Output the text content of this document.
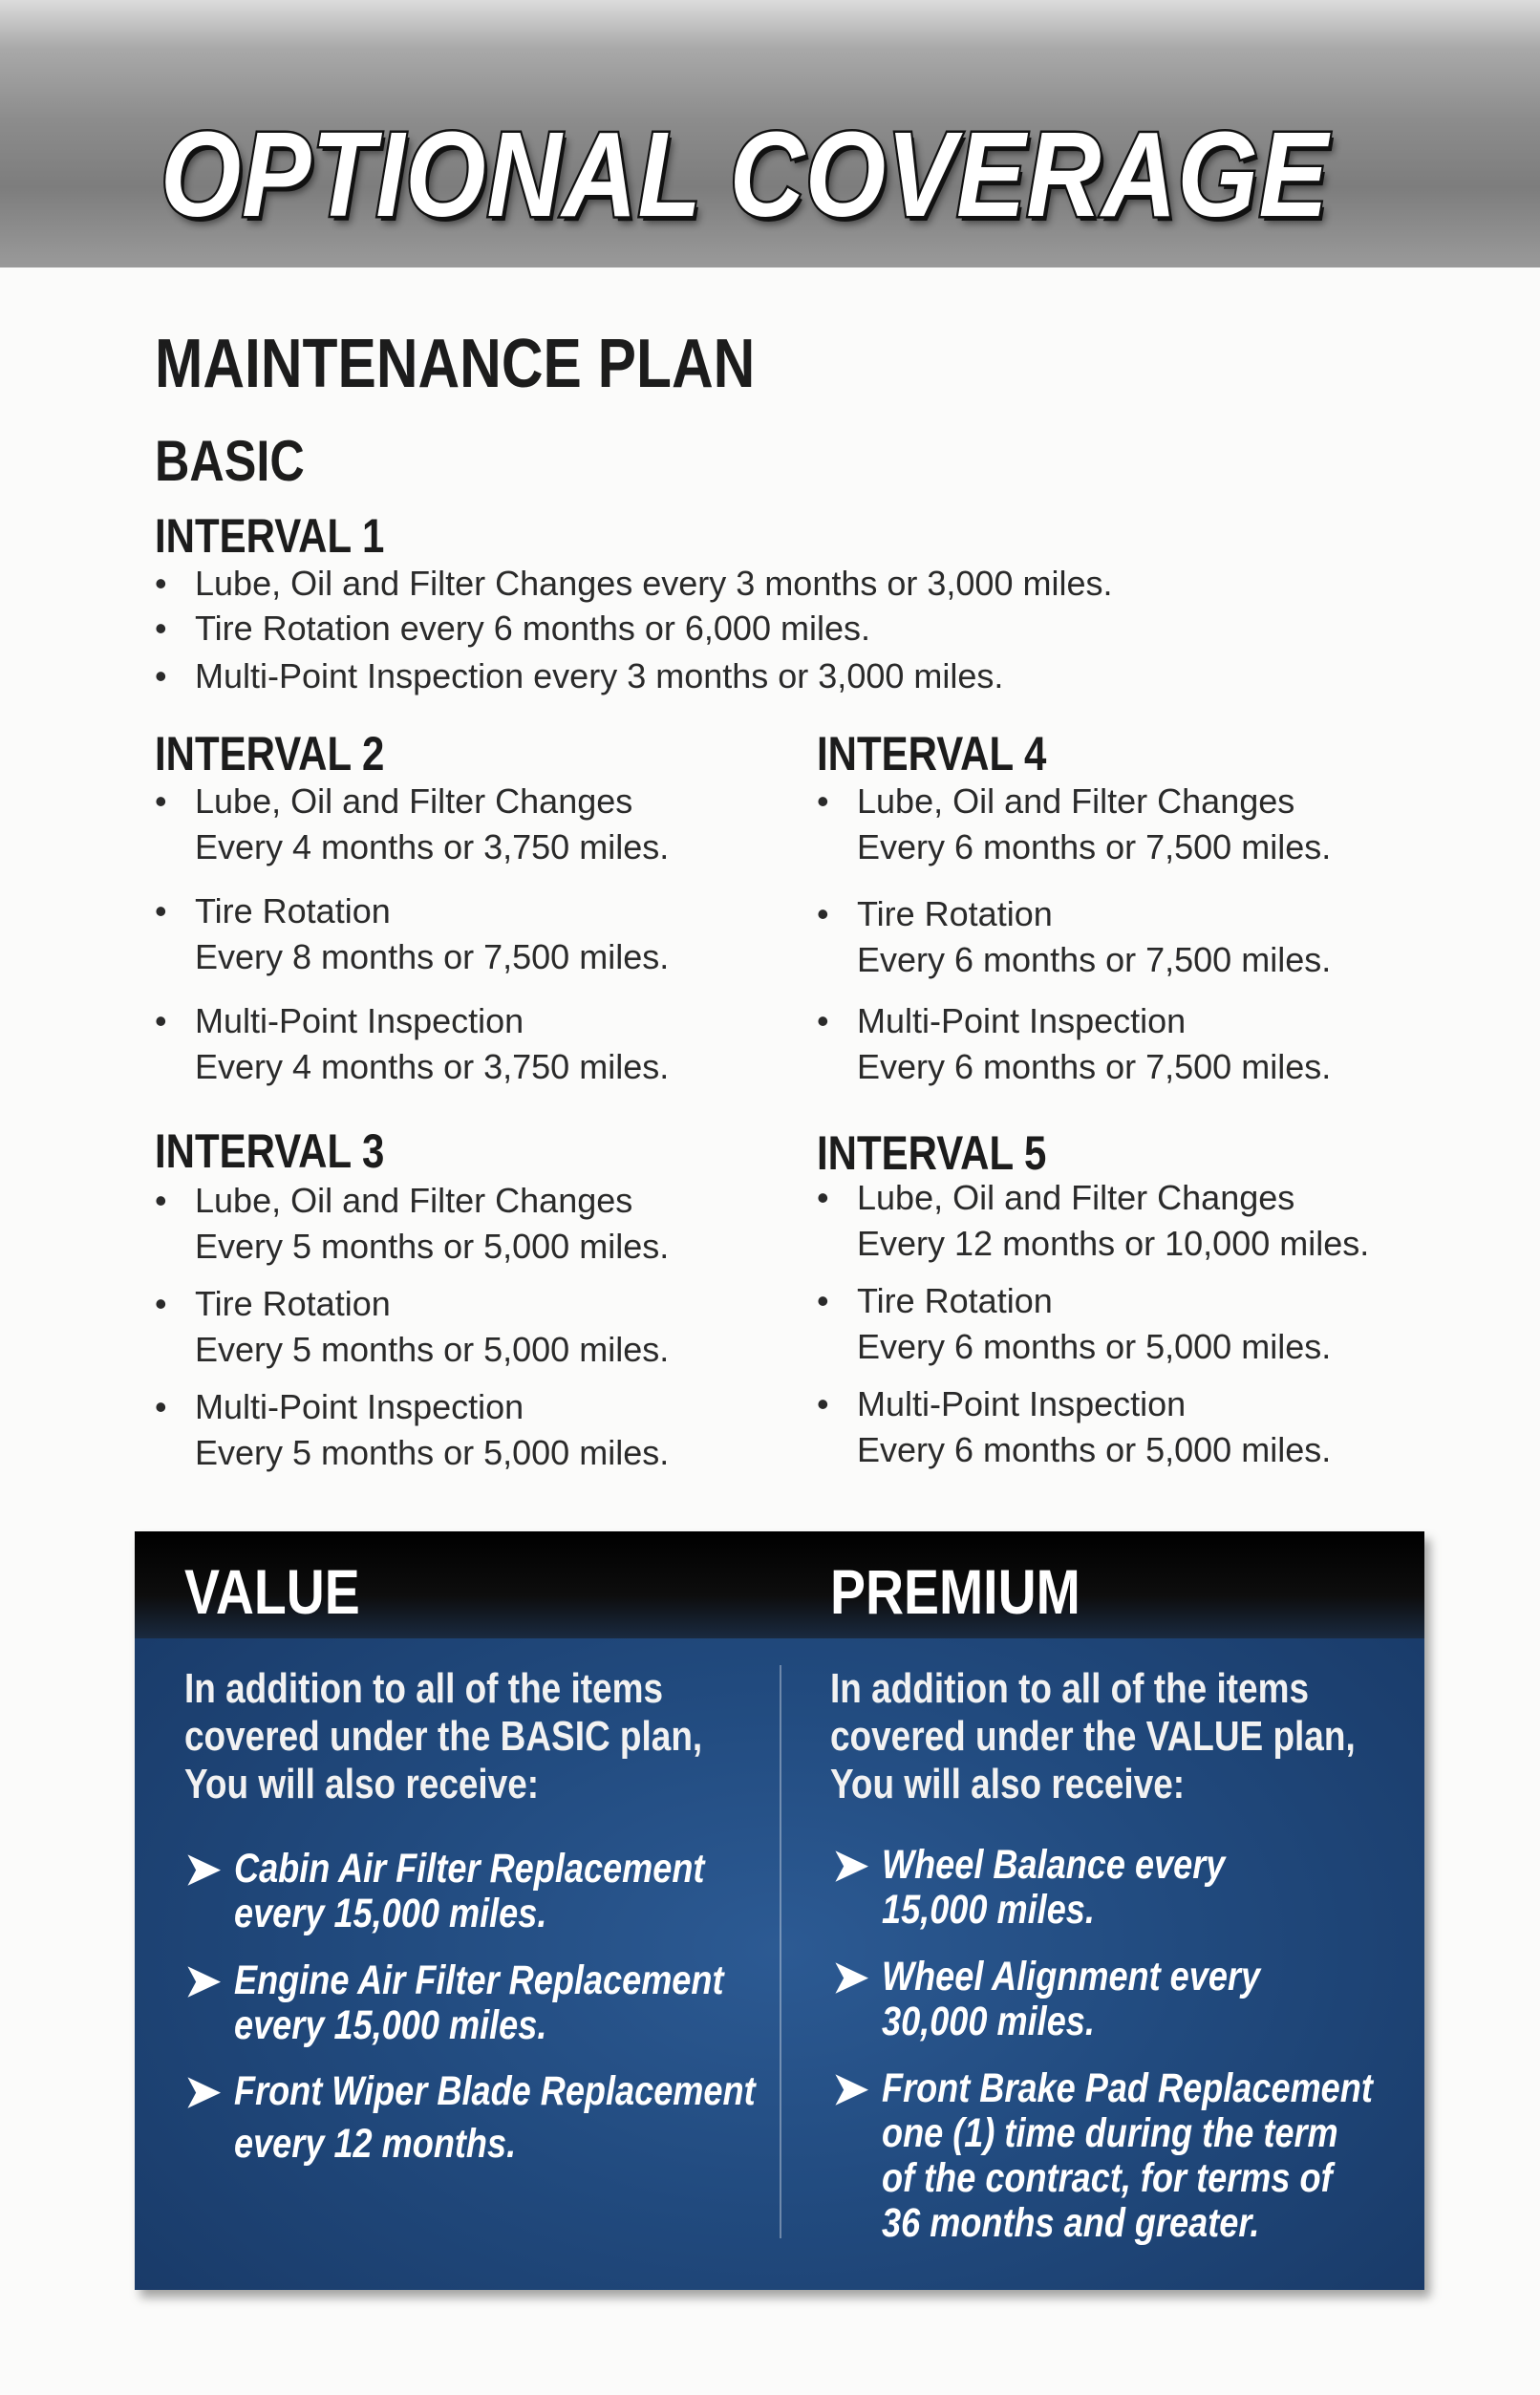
OPTIONAL COVERAGE
MAINTENANCE PLAN
BASIC
INTERVAL 1
• Lube, Oil and Filter Changes every 3 months or 3,000 miles.
• Tire Rotation every 6 months or 6,000 miles.
• Multi-Point Inspection every 3 months or 3,000 miles.
INTERVAL 2
• Lube, Oil and Filter Changes
Every 4 months or 3,750 miles.
• Tire Rotation
Every 8 months or 7,500 miles.
• Multi-Point Inspection
Every 4 months or 3,750 miles.
INTERVAL 3
• Lube, Oil and Filter Changes
Every 5 months or 5,000 miles.
• Tire Rotation
Every 5 months or 5,000 miles.
• Multi-Point Inspection
Every 5 months or 5,000 miles.
INTERVAL 4
• Lube, Oil and Filter Changes
Every 6 months or 7,500 miles.
• Tire Rotation
Every 6 months or 7,500 miles.
• Multi-Point Inspection
Every 6 months or 7,500 miles.
INTERVAL 5
• Lube, Oil and Filter Changes
Every 12 months or 10,000 miles.
• Tire Rotation
Every 6 months or 5,000 miles.
• Multi-Point Inspection
Every 6 months or 5,000 miles.
VALUE	PREMIUM
In addition to all of the items
covered under the BASIC plan,
You will also receive:
In addition to all of the items
covered under the VALUE plan,
You will also receive:
➤ Cabin Air Filter Replacement
every 15,000 miles.
➤ Engine Air Filter Replacement
every 15,000 miles.
➤ Front Wiper Blade Replacement
every 12 months.
➤ Wheel Balance every
15,000 miles.
➤ Wheel Alignment every
30,000 miles.
➤ Front Brake Pad Replacement
one (1) time during the term
of the contract, for terms of
36 months and greater.
